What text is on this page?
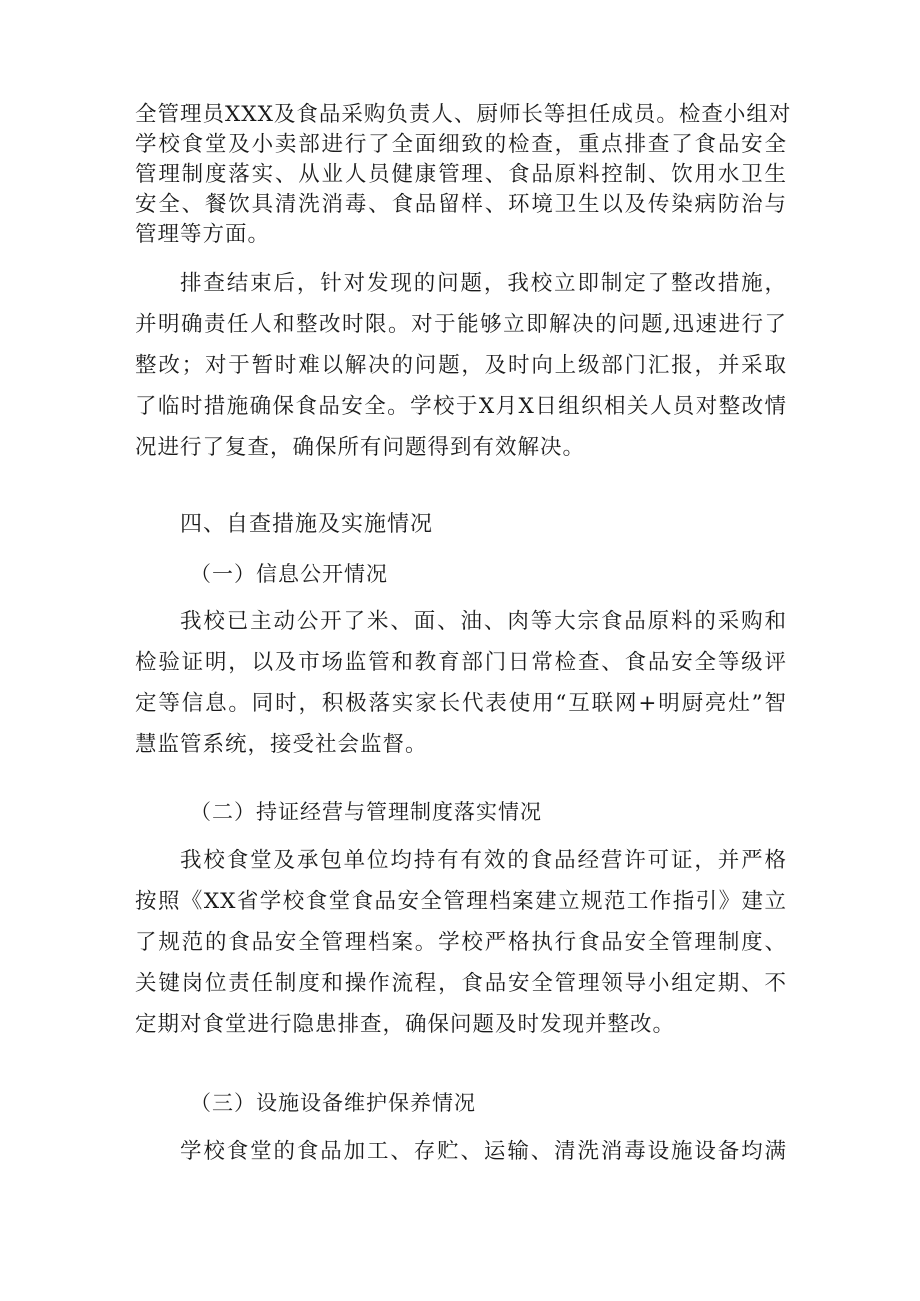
全管理员XXX及食品采购负责人、厨师长等担任成员。检查小组对
学校食堂及小卖部进行了全面细致的检查，重点排查了食品安全
管理制度落实、从业人员健康管理、食品原料控制、饮用水卫生
安全、餐饮具清洗消毒、食品留样、环境卫生以及传染病防治与
管理等方面。
排查结束后，针对发现的问题，我校立即制定了整改措施，
并明确责任人和整改时限。对于能够立即解决的问题,迅速进行了
整改；对于暂时难以解决的问题，及时向上级部门汇报，并采取
了临时措施确保食品安全。学校于X月X日组织相关人员对整改情
况进行了复查，确保所有问题得到有效解决。
四、自查措施及实施情况
（一）信息公开情况
我校已主动公开了米、面、油、肉等大宗食品原料的采购和
检验证明，以及市场监管和教育部门日常检查、食品安全等级评
定等信息。同时，积极落实家长代表使用“互联网+明厨亮灶”智
慧监管系统，接受社会监督。
（二）持证经营与管理制度落实情况
我校食堂及承包单位均持有有效的食品经营许可证，并严格
按照《XX省学校食堂食品安全管理档案建立规范工作指引》建立
了规范的食品安全管理档案。学校严格执行食品安全管理制度、
关键岗位责任制度和操作流程，食品安全管理领导小组定期、不
定期对食堂进行隐患排查，确保问题及时发现并整改。
（三）设施设备维护保养情况
学校食堂的食品加工、存贮、运输、清洗消毒设施设备均满
